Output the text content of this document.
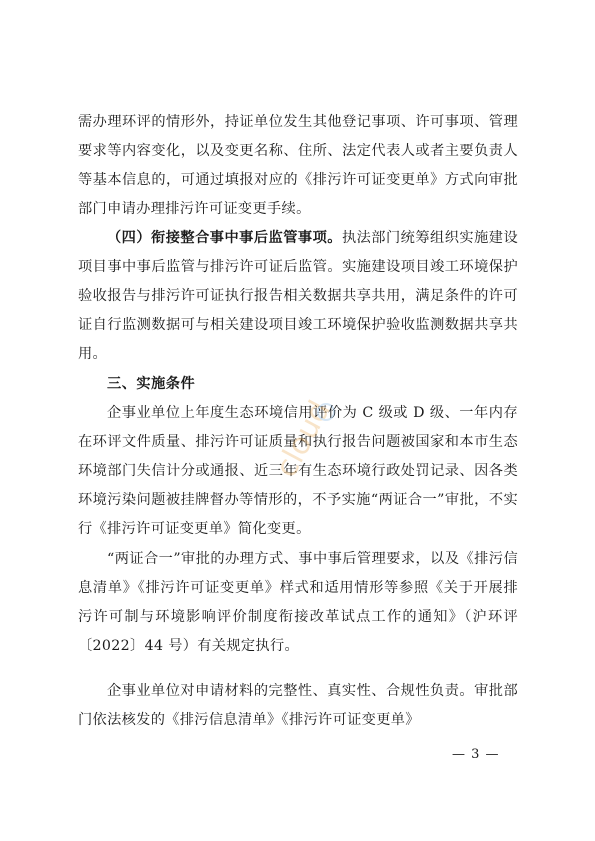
需办理环评的情形外，持证单位发生其他登记事项、许可事项、管理要求等内容变化，以及变更名称、住所、法定代表人或者主要负责人等基本信息的，可通过填报对应的《排污许可证变更单》方式向审批部门申请办理排污许可证变更手续。

（四）衔接整合事中事后监管事项。执法部门统筹组织实施建设项目事中事后监管与排污许可证后监管。实施建设项目竣工环境保护验收报告与排污许可证执行报告相关数据共享共用，满足条件的许可证自行监测数据可与相关建设项目竣工环境保护验收监测数据共享共用。

三、实施条件

企事业单位上年度生态环境信用评价为 C 级或 D 级、一年内存在环评文件质量、排污许可证质量和执行报告问题被国家和本市生态环境部门失信计分或通报、近三年有生态环境行政处罚记录、因各类环境污染问题被挂牌督办等情形的，不予实施“两证合一”审批，不实行《排污许可证变更单》简化变更。

“两证合一”审批的办理方式、事中事后管理要求，以及《排污信息清单》《排污许可证变更单》样式和适用情形等参照《关于开展排污许可制与环境影响评价制度衔接改革试点工作的通知》（沪环评〔2022〕44 号）有关规定执行。

企事业单位对申请材料的完整性、真实性、合规性负责。审批部门依法核发的《排污信息清单》《排污许可证变更单》

— 3 —
cloud
